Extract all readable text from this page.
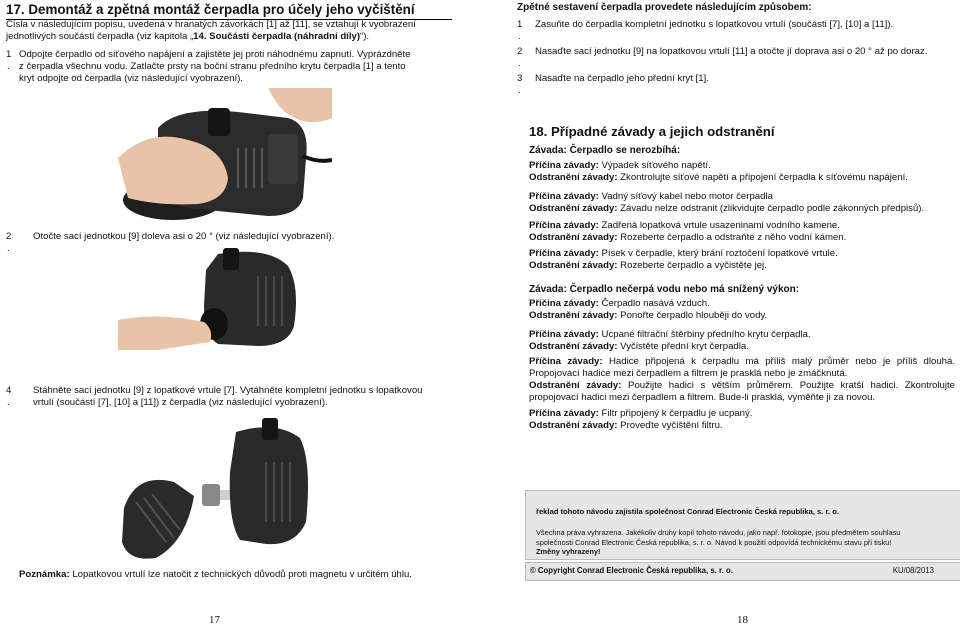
17. Demontáž a zpětná montáž čerpadla pro účely jeho vyčištění
Čísla v následujícím popisu, uvedená v hranatých závorkách [1] až [11], se vztahují k vyobrazení
jednotlivých součástí čerpadla (viz kapitola „14. Součásti čerpadla (náhradní díly)“).
1
.
Odpojte čerpadlo od síťového napájení a zajistěte jej proti náhodnému zapnutí. Vyprázdněte
z čerpadla všechnu vodu. Zatlačte prsty na boční stranu předního krytu čerpadla [1] a tento
kryt odpojte od čerpadla (viz následující vyobrazení).
2
.
Otočte sací jednotkou [9] doleva asi o 20 ° (viz následující vyobrazení).
4
.
Stáhněte sací jednotku [9] z lopatkové vrtule [7]. Vytáhněte kompletní jednotku s lopatkovou
vrtulí (součástí [7], [10] a [11]) z čerpadla (viz následující vyobrazení).
Poznámka: Lopatkovou vrtulí lze natočit z technických důvodů proti magnetu v určitém úhlu.
17
Zpětné sestavení čerpadla provedete následujícím způsobem:
1
.
Zasuňte do čerpadla kompletní jednotku s lopatkovou vrtulí (součásti [7], [10] a [11]).
2
.
Nasaďte sací jednotku [9] na lopatkovou vrtulí [11] a otočte jí doprava asi o 20 ° až po doraz.
3
.
Nasaďte na čerpadlo jeho přední kryt [1].
18. Případné závady a jejich odstranění
Závada: Čerpadlo se nerozbíhá:
Příčina závady: Výpadek síťového napětí.
Odstranění závady: Zkontrolujte síťové napětí a připojení čerpadla k síťovému napájení.
Příčina závady: Vadný síťový kabel nebo motor čerpadla
Odstranění závady: Závadu nelze odstranit (zlikvidujte čerpadlo podle zákonných předpisů).
Příčina závady: Zadřená lopatková vrtule usazeninami vodního kamene.
Odstranění závady: Rozeberte čerpadlo a odstraňte z něho vodní kámen.
Příčina závady: Písek v čerpadle, který brání roztočení lopatkové vrtule.
Odstranění závady: Rozeberte čerpadlo a vyčistěte jej.
Závada: Čerpadlo nečerpá vodu nebo má snížený výkon:
Příčina závady: Čerpadlo nasává vzduch.
Odstranění závady: Ponořte čerpadlo hlouběji do vody.
Příčina závady: Ucpané filtrační štěrbiny předního krytu čerpadla.
Odstranění závady: Vyčistěte přední kryt čerpadla.
Příčina závady: Hadice připojená k čerpadlu má příliš malý průměr nebo je příliš dlouhá.
Propojovací hadice mezi čerpadlem a filtrem je prasklá nebo je zmáčknutá.
Odstranění závady: Použijte hadici s větším průměrem. Použijte kratší hadici. Zkontrolujte
propojovací hadici mezi čerpadlem a filtrem. Bude-li prasklá, vyměňte ji za novou.
Příčina závady: Filtr připojený k čerpadlu je ucpaný.
Odstranění závady: Proveďte vyčištění filtru.
řeklad tohoto návodu zajistila společnost Conrad Electronic Česká republika, s. r. o.
Všechna práva vyhrazena. Jakékoliv druhy kopií tohoto návodu, jako např. fotokopie, jsou předmětem souhlasu
společnosti Conrad Electronic Česká republika, s. r. o. Návod k použití odpovídá technickému stavu při tisku!
Změny vyhrazeny!
© Copyright Conrad Electronic Česká republika, s. r. o.	KU/08/2013
18
